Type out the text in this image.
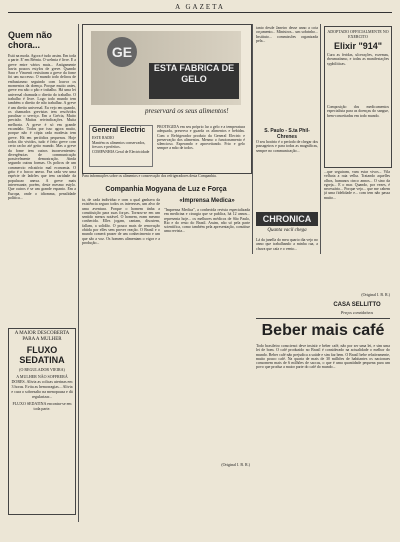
A GAZETA
Quem não chora...
Está na moda. Agora é tudo assim. Em toda a parte. E' em Bérnia. O welmia é livre. E a greve entre vários mais... Antigamente havia poucos estylos de greve. Quando Sara e Vincenti resistiram a greve da fome foi um successo. O mundo todo delirou de enthusiasmo seguindo com louvor os momentos da doença. Porque muito antes, greve era não o pão e trabalho. Há uma lei universal chamada o direito do trabalho. O trabalho é livre. Logo todo mundo tem também o direito de não trabalhar. A greve é um direito universal. Eu vejo em quando, os chamados grevistas tem resolvidos paralisar o serviço. Em a Grécia, Muito precisão. Muitas reivindicações. Muita melhoria. A greve é só em grande escandalo. Todos por isso agora muito, porque não é cópia rada modesta tem greve. Há em periódios pequenos. Hoje todos tão vividos, tudo é feito greve com certo racho até geito mundo. Mas a greve da fome tem outros inconvenientes: divergências de communicação possivelmente demostração. Ainda segundo outras formas. Os poliros de um commercio edcatório mal economia. O grito é o fracco anexo. Faz cada vez uma espécie de ladrões que tem caridade da populacao anexa. A greve mais interessante, porém, deste mesmo estylo. Que outros é se um grande espanto. Em a Europa, onde o idiomma, penalidade política...
A MAIOR DESCOBERTA PARA A MULHER
FLUXO SEDATINA
(O REGULADOR VIEIRA)
A MULHER NÃO SOFFRERÁ DORES. Alivia as colicas uterinas em 3 horas. Evita as hemorragias... Alivia e cura o sobresalto na menopausa e dá regularizar...
FLUXO SEDATINA encontra-se em toda parte.
GE
ESTA FABRICA DE GELO
preservará os seus alimentos!
General Electric
ESTE RADIO
Mantém os alimentos conservados, frescos e perfeitos.
COMPANHIA Geral de Electricidade
PROTEGIDA em seu próprio lar a gelo e a temperatura adequada, preserva e guarda os alimentos e bebidas. Com o Refrigerador produto da General Electric e preservação dos alimentos. Mesmo o funcionamento é silencioso. Esperando e aproveitando. Frio e gelo sempre a mão de todos.
Para informações sobre os alimentos e conservação dos refrigeradores desta Companhia.
Companhia Mogyana de Luz e Força
ta, de cada individuo e com a qual ganhava da existência seguro todos os interesses, um alvo de uma aventura. Porque o homem tinha a constituição para suas forças. Tornou-se em um sentido menos notável. O homem, eram mesmo conhecida. Elles jogam, cantam, discutem, fallam, a solidão. O pouco mais de renovação obtida por elles sem prover reação. O Brasil e o mundo comerá prazer de um conhecimento e um que são a voz. Os homens alimentam o vigor e a produção...
«Imprensa Medica»
"Imprensa Medica", a conhecida revista especializada em medicina e cirurgia que se publica, há 12 annos... representa hoje... os melhores médicos de São Paulo, Rio e do resto do Brasil. Assim, não só pela parte scientifica, como também pela apresentação, constitue uma revista...
(Original I. B. R.)
tanto desde Janeiro desse anno a cota orçamento... Ministros... um sobrinho... Instituto... commissões organizada pela...
S. Paulo - S.ta Phil-Chrenes
O seu horário é o período de chegar dos passageiros e para todas as magníficas, sempre no communicação...
CHRONICA
Quanta vacil chega
Lá da janella do meu quarto dia vejo no anno que trabalhando a minha rua, a chuva que caía e o vento...
ADOPTADO OFFICIALMENTE NO EXERCITO
Elixir "914"
Cura as feridas, ulcerações, eczemas, rheumatismo, e todas as manifestações syphiliticas.
Composição dos medicamentos especialista para as doenças do sangue, bem-conceitadas em todo mundo.
...que seguiram, vam estar vivos... Vila velhota a raia velha. Tratando aquelles olhos, humanos cinco annos... O sino da egreja... E o mar. Quando, por vezes, é necessário... Porque vejo... que me cabem já uma fidelidade e... com tem não passa muito...
(Original I. B. R.)
CASA SELLITTO
Preços convidativos
Beber mais café
Todo brasileiro conscienci deve insistir e beber café, não por ser uma lei, e sim uma lei de bom. O café produzido no Brasil é considerado na actualidade o melhor do mundo. Beber café não prejudica a saúde e sim faz bem. O Brasil bebe relativamente, muito pouco café. Na quarta de mais de 30 milhões de habitantes os nacionaes consomem mais de 6 milhões de saccas, o que é uma quantidade pequena para um povo que produz a maior parte do café do mundo...
